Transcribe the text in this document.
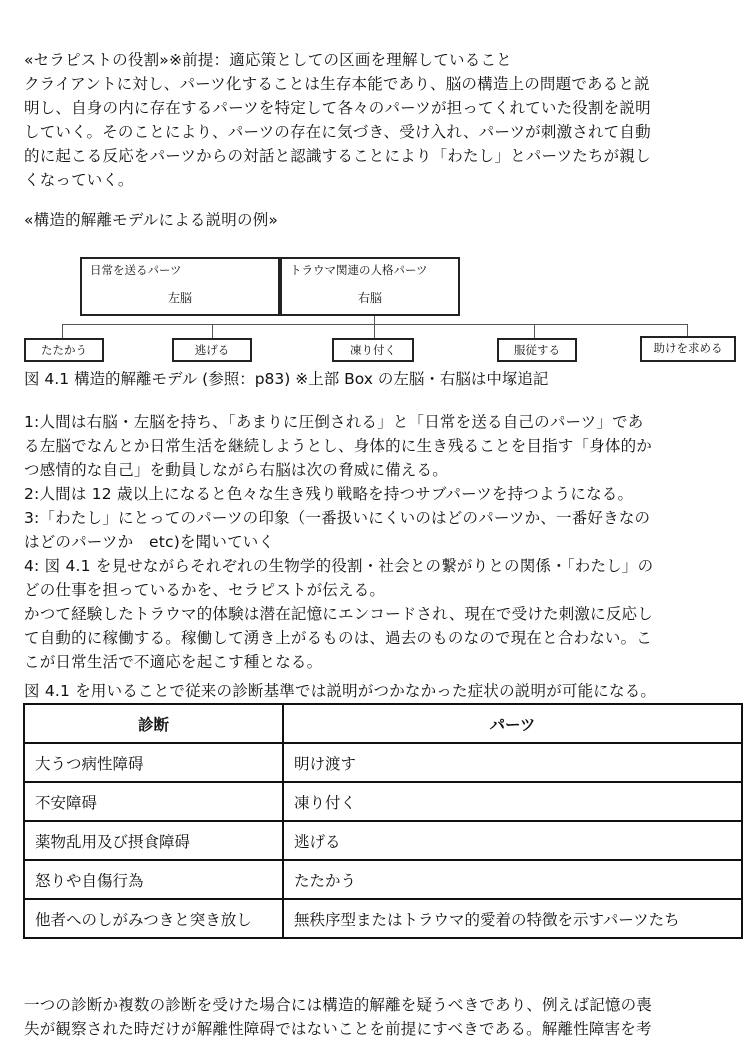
«セラピストの役割»※前提：適応策としての区画を理解していること
クライアントに対し、パーツ化することは生存本能であり、脳の構造上の問題であると説
明し、自身の内に存在するパーツを特定して各々のパーツが担ってくれていた役割を説明
していく。そのことにより、パーツの存在に気づき、受け入れ、パーツが刺激されて自動
的に起こる反応をパーツからの対話と認識することにより「わたし」とパーツたちが親し
くなっていく。
«構造的解離モデルによる説明の例»
日常を送るパーツ
左脳
トラウマ関連の人格パーツ
右脳
たたかう	逃げる	凍り付く	服従する	助けを求める
図 4.1 構造的解離モデル (参照：p83) ※上部 Box の左脳・右脳は中塚追記
1:人間は右脳・左脳を持ち、「あまりに圧倒される」と「日常を送る自己のパーツ」であ
る左脳でなんとか日常生活を継続しようとし、身体的に生き残ることを目指す「身体的か
つ感情的な自己」を動員しながら右脳は次の脅威に備える。
2:人間は 12 歳以上になると色々な生き残り戦略を持つサブパーツを持つようになる。
3:「わたし」にとってのパーツの印象（一番扱いにくいのはどのパーツか、一番好きなの
はどのパーツか　etc)を聞いていく
4: 図 4.1 を見せながらそれぞれの生物学的役割・社会との繋がりとの関係・「わたし」の
どの仕事を担っているかを、セラピストが伝える。
かつて経験したトラウマ的体験は潜在記憶にエンコードされ、現在で受けた刺激に反応し
て自動的に稼働する。稼働して湧き上がるものは、過去のものなので現在と合わない。こ
こが日常生活で不適応を起こす種となる。
図 4.1 を用いることで従来の診断基準では説明がつかなかった症状の説明が可能になる。
診断	パーツ
大うつ病性障碍	明け渡す
不安障碍	凍り付く
薬物乱用及び摂食障碍	逃げる
怒りや自傷行為	たたかう
他者へのしがみつきと突き放し	無秩序型またはトラウマ的愛着の特徴を示すパーツたち
一つの診断か複数の診断を受けた場合には構造的解離を疑うべきであり、例えば記憶の喪
失が観察された時だけが解離性障碍ではないことを前提にすべきである。解離性障害を考
